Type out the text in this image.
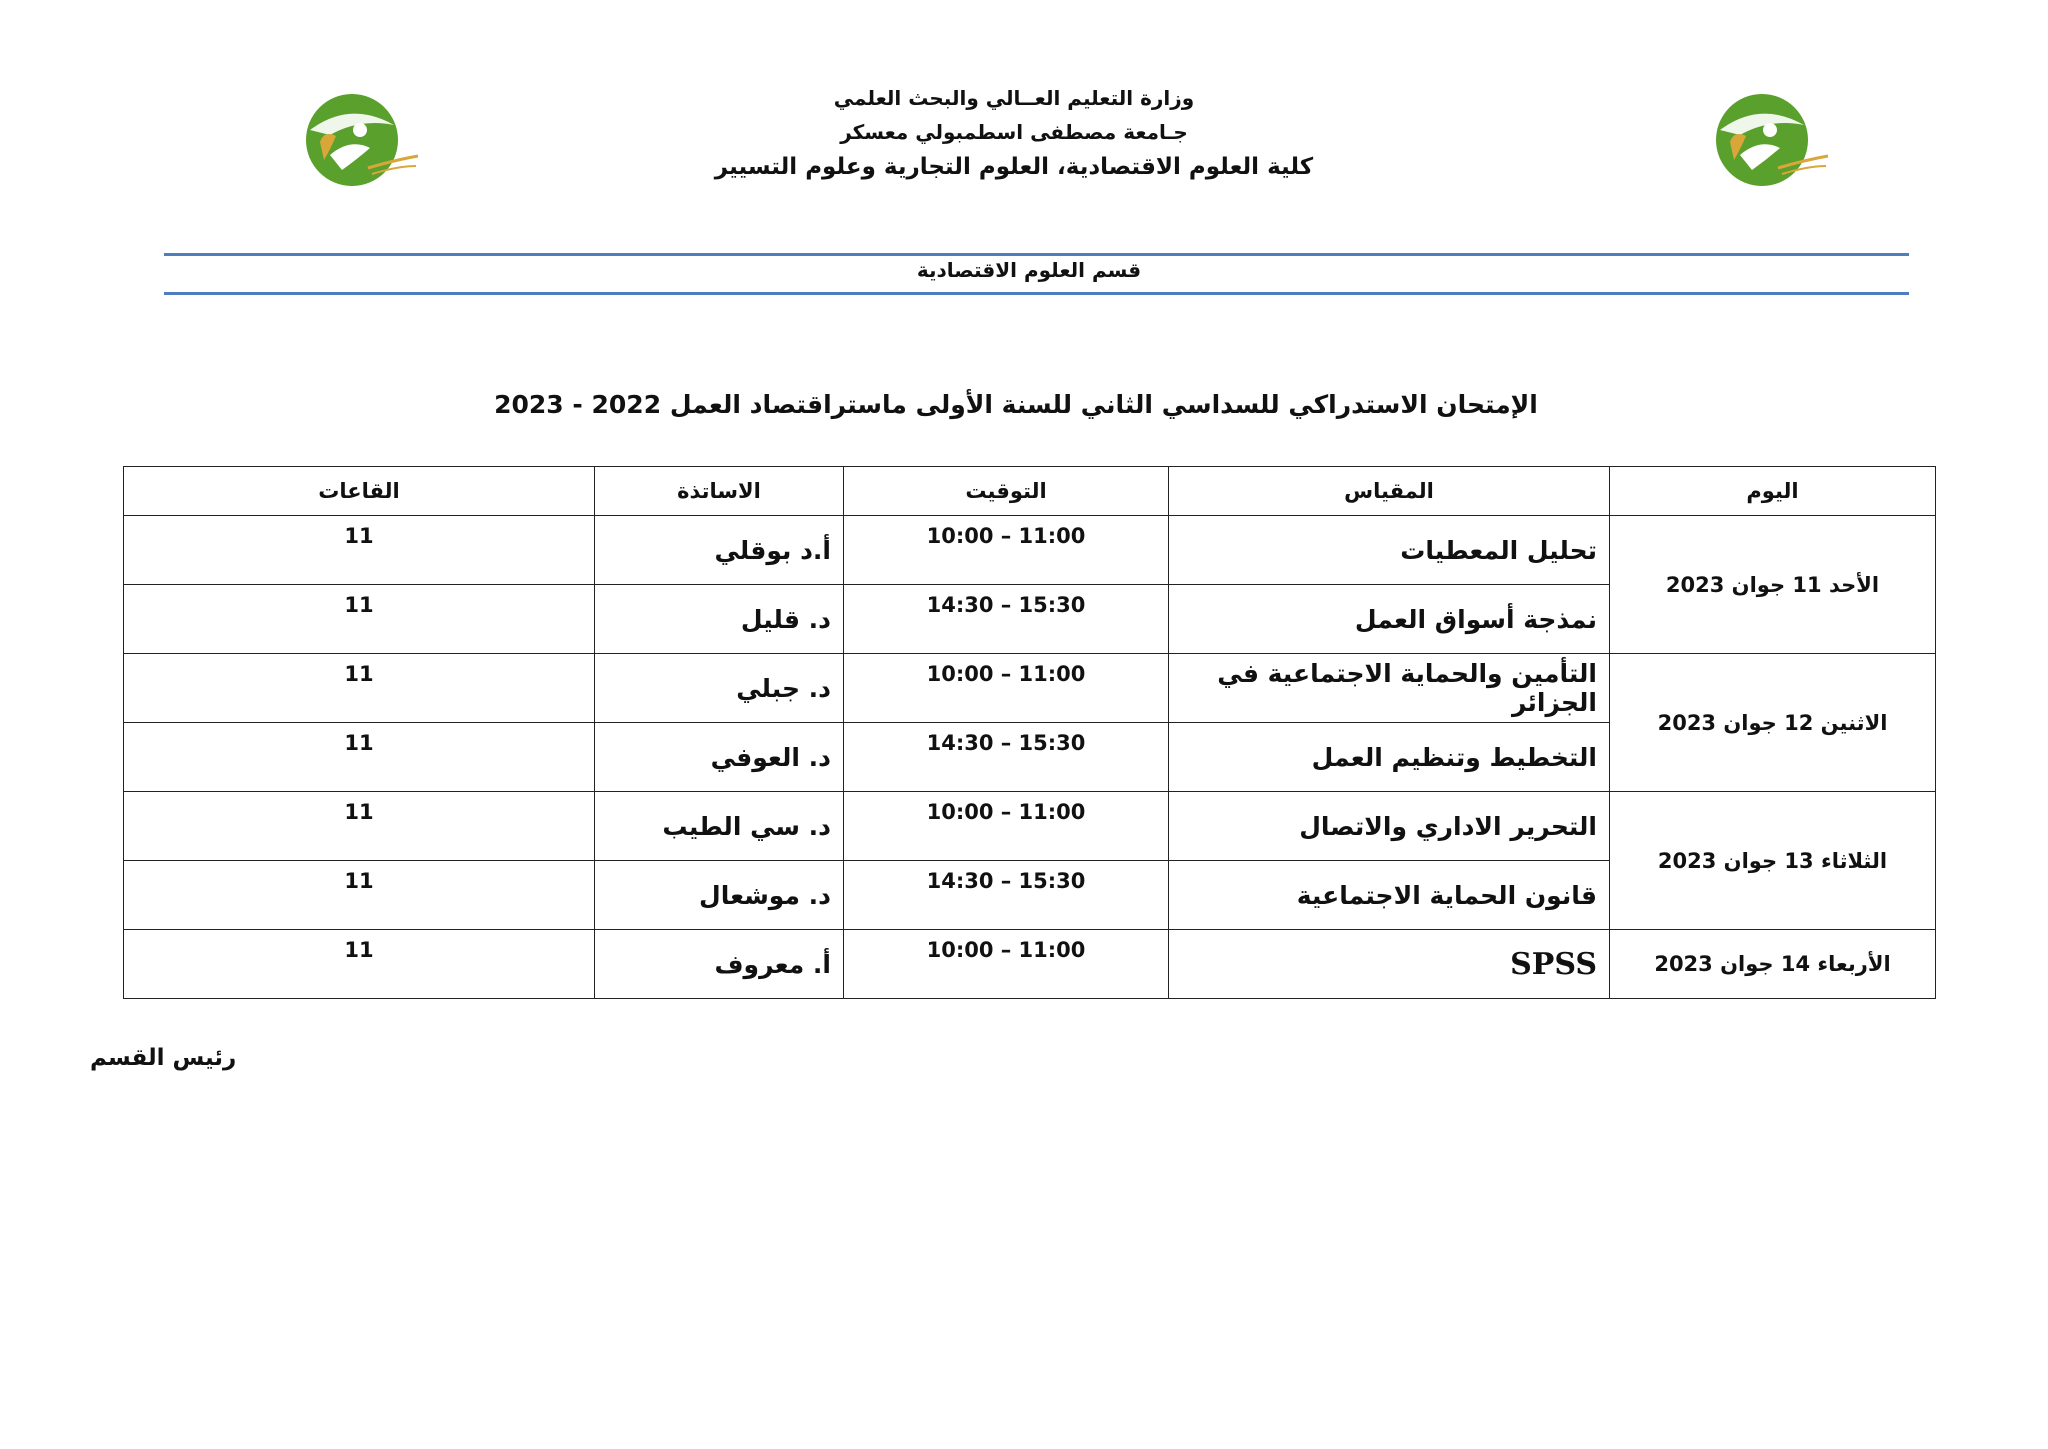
وزارة التعليم العــالي والبحث العلمي
جـامعة مصطفى اسطمبولي معسكر
كلية العلوم الاقتصادية، العلوم التجارية وعلوم التسيير
قسم العلوم الاقتصادية
الإمتحان الاستدراكي للسداسي الثاني للسنة الأولى ماستراقتصاد العمل 2022 - 2023
اليوم	المقياس	التوقيت	الاساتذة	القاعات
الأحد 11 جوان 2023	تحليل المعطيات	10:00 – 11:00	أ.د بوقلي	11
	نمذجة أسواق العمل	14:30 – 15:30	د. قليل	11
الاثنين 12 جوان 2023	التأمين والحماية الاجتماعية في الجزائر	10:00 – 11:00	د. جبلي	11
	التخطيط وتنظيم العمل	14:30 – 15:30	د. العوفي	11
الثلاثاء 13 جوان 2023	التحرير الاداري والاتصال	10:00 – 11:00	د. سي الطيب	11
	قانون الحماية الاجتماعية	14:30 – 15:30	د. موشعال	11
الأربعاء 14 جوان 2023	SPSS	10:00 – 11:00	أ. معروف	11
رئيس القسم
